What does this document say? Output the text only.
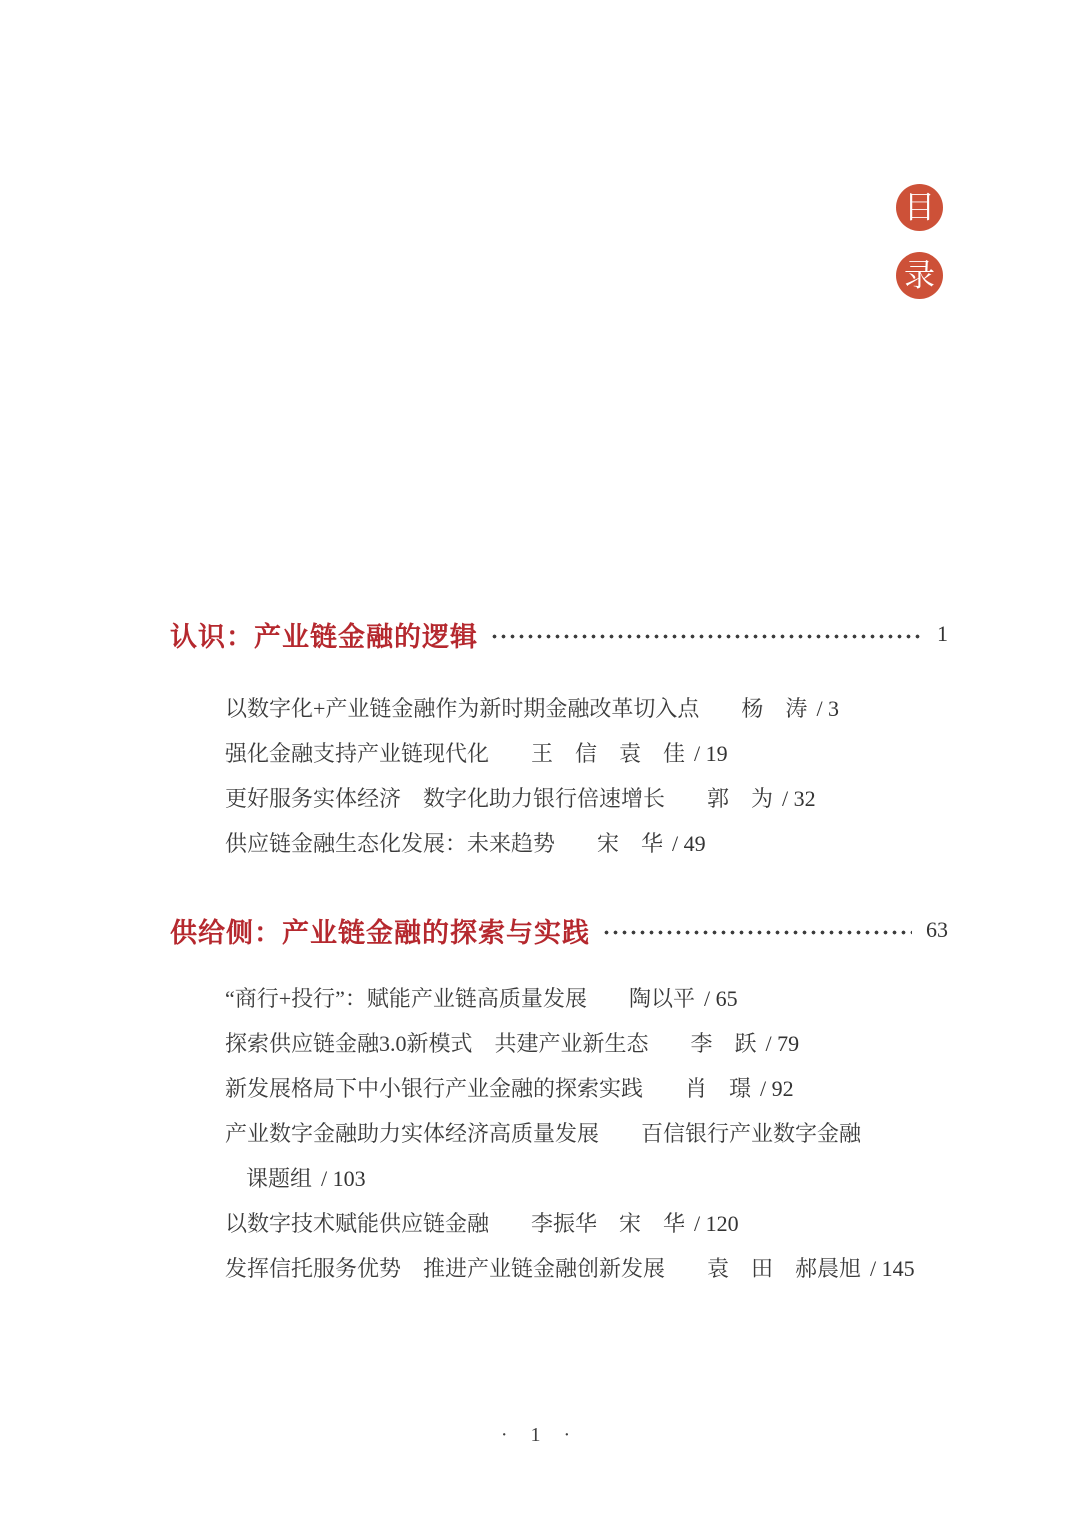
目
录
认识：产业链金融的逻辑	1
以数字化+产业链金融作为新时期金融改革切入点 杨　涛 / 3
强化金融支持产业链现代化 王　信　袁　佳 / 19
更好服务实体经济　数字化助力银行倍速增长 郭　为 / 32
供应链金融生态化发展：未来趋势 宋　华 / 49
供给侧：产业链金融的探索与实践	63
“商行+投行”：赋能产业链高质量发展 陶以平 / 65
探索供应链金融3.0新模式　共建产业新生态 李　跃 / 79
新发展格局下中小银行产业金融的探索实践 肖　璟 / 92
产业数字金融助力实体经济高质量发展 百信银行产业数字金融
课题组 / 103
以数字技术赋能供应链金融 李振华　宋　华 / 120
发挥信托服务优势　推进产业链金融创新发展 袁　田　郝晨旭 / 145
· 1 ·
